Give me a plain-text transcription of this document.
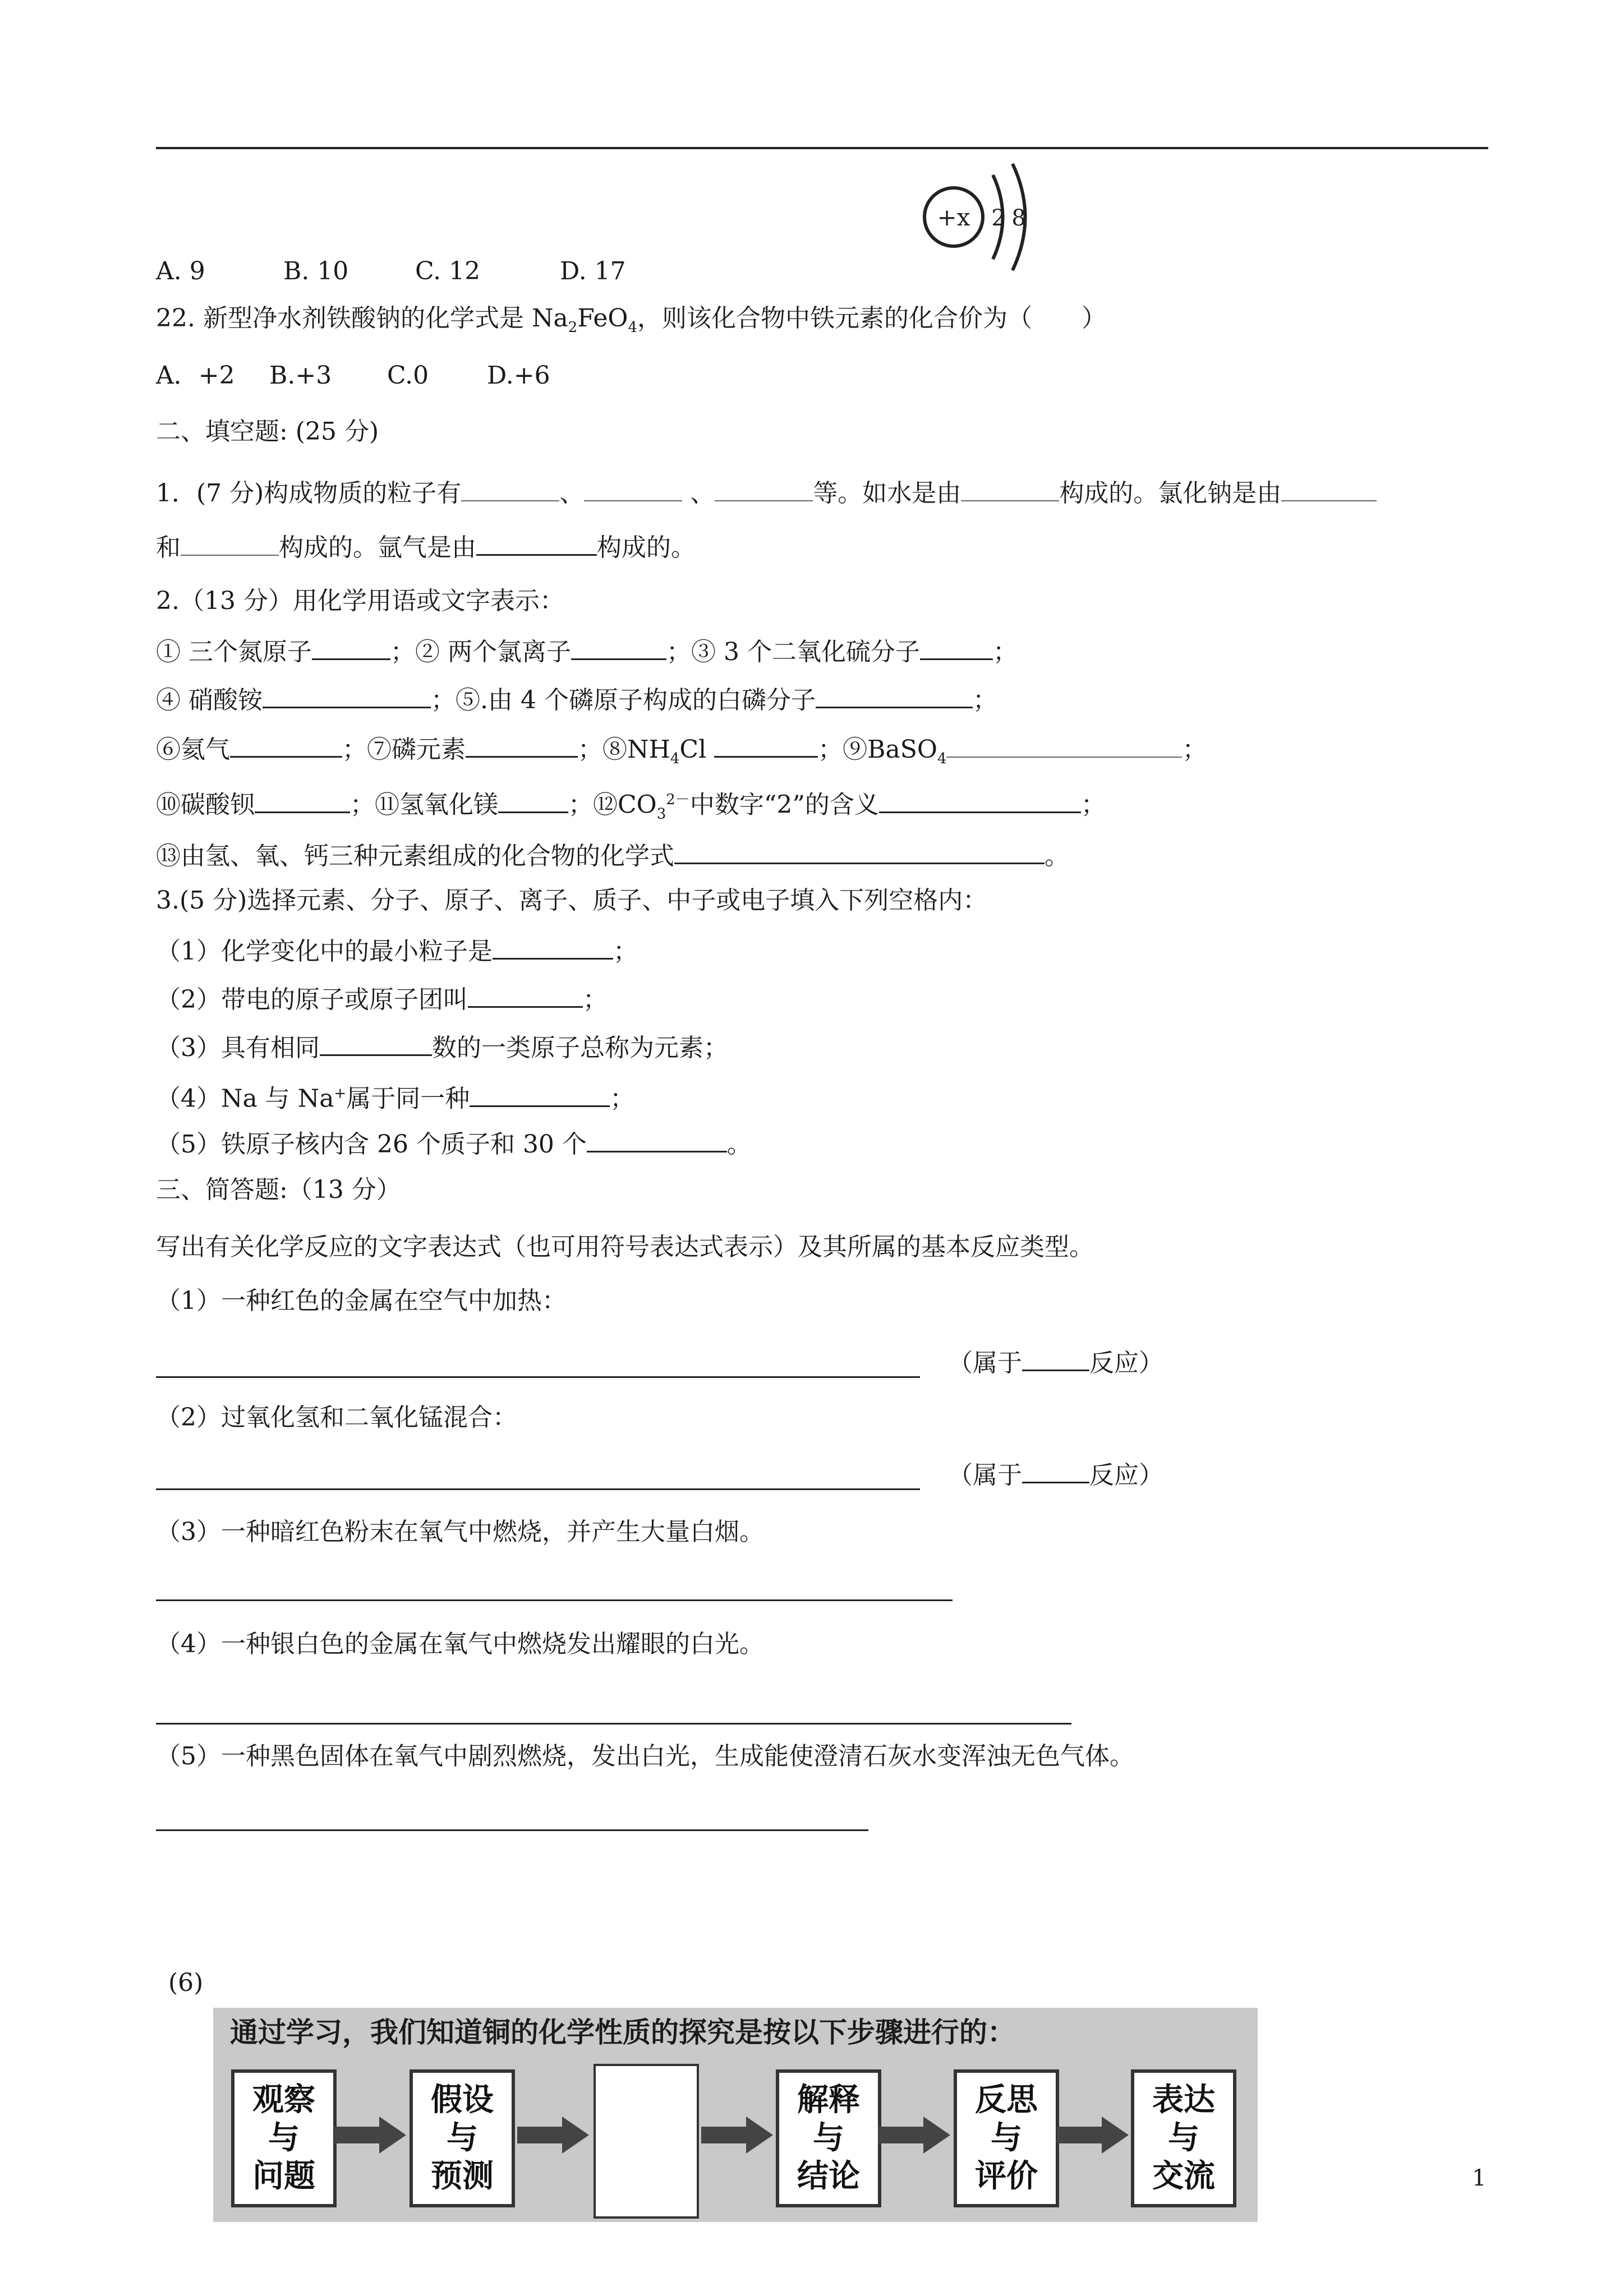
+x 2 8
A. 9	B. 10	C. 12	D. 17
22. 新型净水剂铁酸钠的化学式是 $Na_2FeO_4$，则该化合物中铁元素的化合价为（　　）
A．+2 B.+3 C.0 D.+6
二、填空题: (25 分)
1．(7 分)构成物质的粒子有	、	、	等。如水是由	构成的。氯化钠是由
和	构成的。氩气是由	构成的。
2.（13 分）用化学用语或文字表示：
① 三个氮原子	；② 两个氯离子	；③ 3 个二氧化硫分子	；
④ 硝酸铵	；⑤.由 4 个磷原子构成的白磷分子	；
⑥氦气	；⑦磷元素	；$⑧NH_4Cl$	；⑨BaSO$_4$	；
⑩碳酸钡	；⑪氢氧化镁	；$⑫CO_3^{2-}$中数字“2”的含义	；
⑬由氢、氧、钙三种元素组成的化合物的化学式	。
3.(5 分)选择元素、分子、原子、离子、质子、中子或电子填入下列空格内：
（1）化学变化中的最小粒子是	；
（2）带电的原子或原子团叫	；
（3）具有相同	数的一类原子总称为元素；
（4）Na 与 Na+属于同一种	；
（5）铁原子核内含 26 个质子和 30 个	。
三、简答题:（13 分）
写出有关化学反应的文字表达式（也可用符号表达式表示）及其所属的基本反应类型。
（1）一种红色的金属在空气中加热：
（属于	反应）
（2）过氧化氢和二氧化锰混合：
（属于	反应）
（3）一种暗红色粉末在氧气中燃烧，并产生大量白烟。
（4）一种银白色的金属在氧气中燃烧发出耀眼的白光。
（5）一种黑色固体在氧气中剧烈燃烧，发出白光，生成能使澄清石灰水变浑浊无色气体。
(6)
通过学习，我们知道铜的化学性质的探究是按以下步骤进行的：
观察
与
问题
假设
与
预测
解释
与
结论
反思
与
评价
表达
与
交流	1
